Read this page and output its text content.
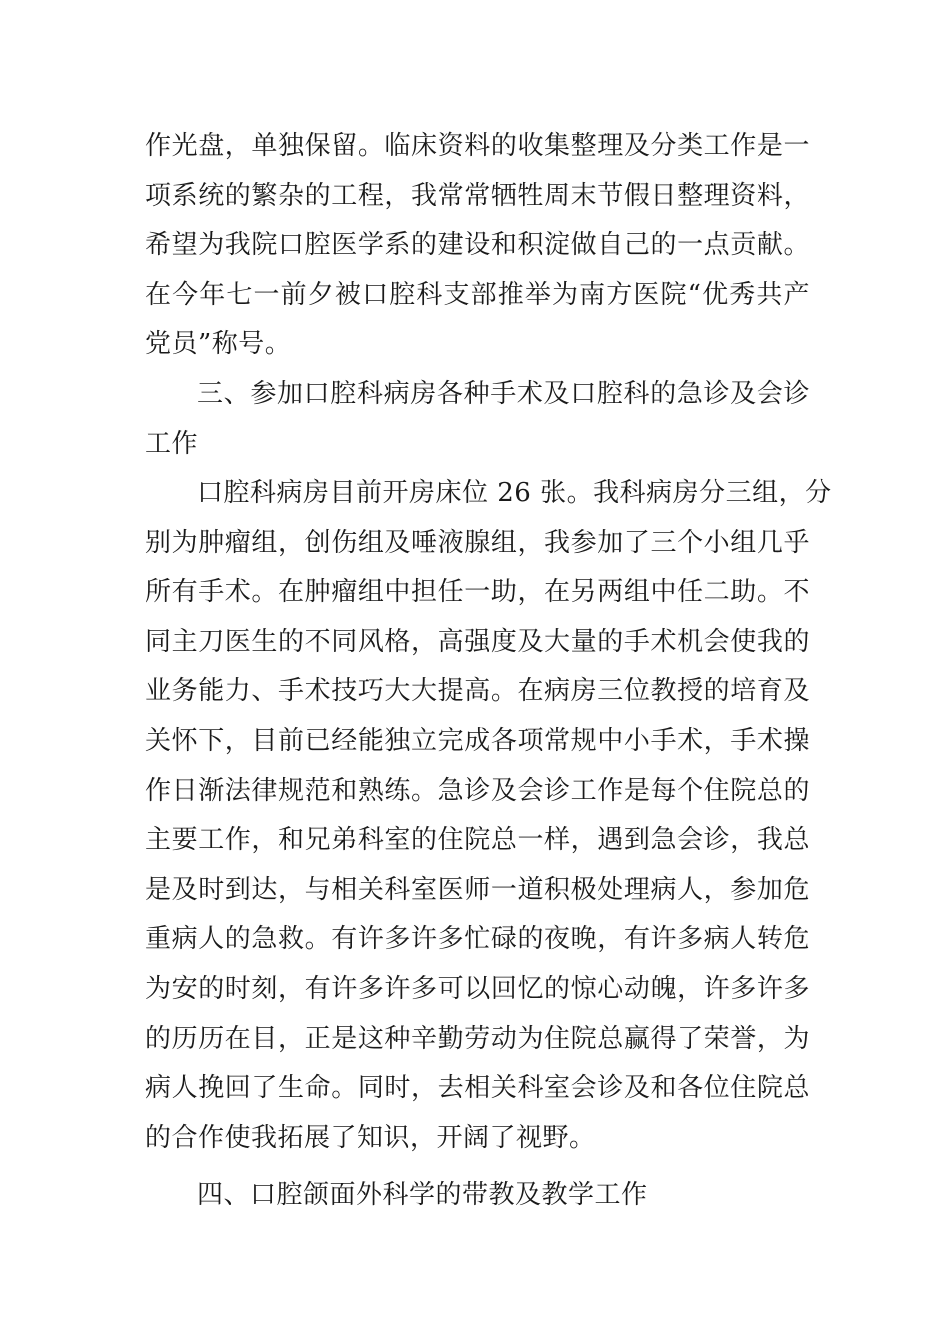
作光盘，单独保留。临床资料的收集整理及分类工作是一
项系统的繁杂的工程，我常常牺牲周末节假日整理资料，
希望为我院口腔医学系的建设和积淀做自己的一点贡献。
在今年七一前夕被口腔科支部推举为南方医院“优秀共产
党员”称号。
三、参加口腔科病房各种手术及口腔科的急诊及会诊
工作
口腔科病房目前开房床位 26 张。我科病房分三组，分
别为肿瘤组，创伤组及唾液腺组，我参加了三个小组几乎
所有手术。在肿瘤组中担任一助，在另两组中任二助。不
同主刀医生的不同风格，高强度及大量的手术机会使我的
业务能力、手术技巧大大提高。在病房三位教授的培育及
关怀下，目前已经能独立完成各项常规中小手术，手术操
作日渐法律规范和熟练。急诊及会诊工作是每个住院总的
主要工作，和兄弟科室的住院总一样，遇到急会诊，我总
是及时到达，与相关科室医师一道积极处理病人，参加危
重病人的急救。有许多许多忙碌的夜晚，有许多病人转危
为安的时刻，有许多许多可以回忆的惊心动魄，许多许多
的历历在目，正是这种辛勤劳动为住院总赢得了荣誉，为
病人挽回了生命。同时，去相关科室会诊及和各位住院总
的合作使我拓展了知识，开阔了视野。
四、口腔颌面外科学的带教及教学工作
